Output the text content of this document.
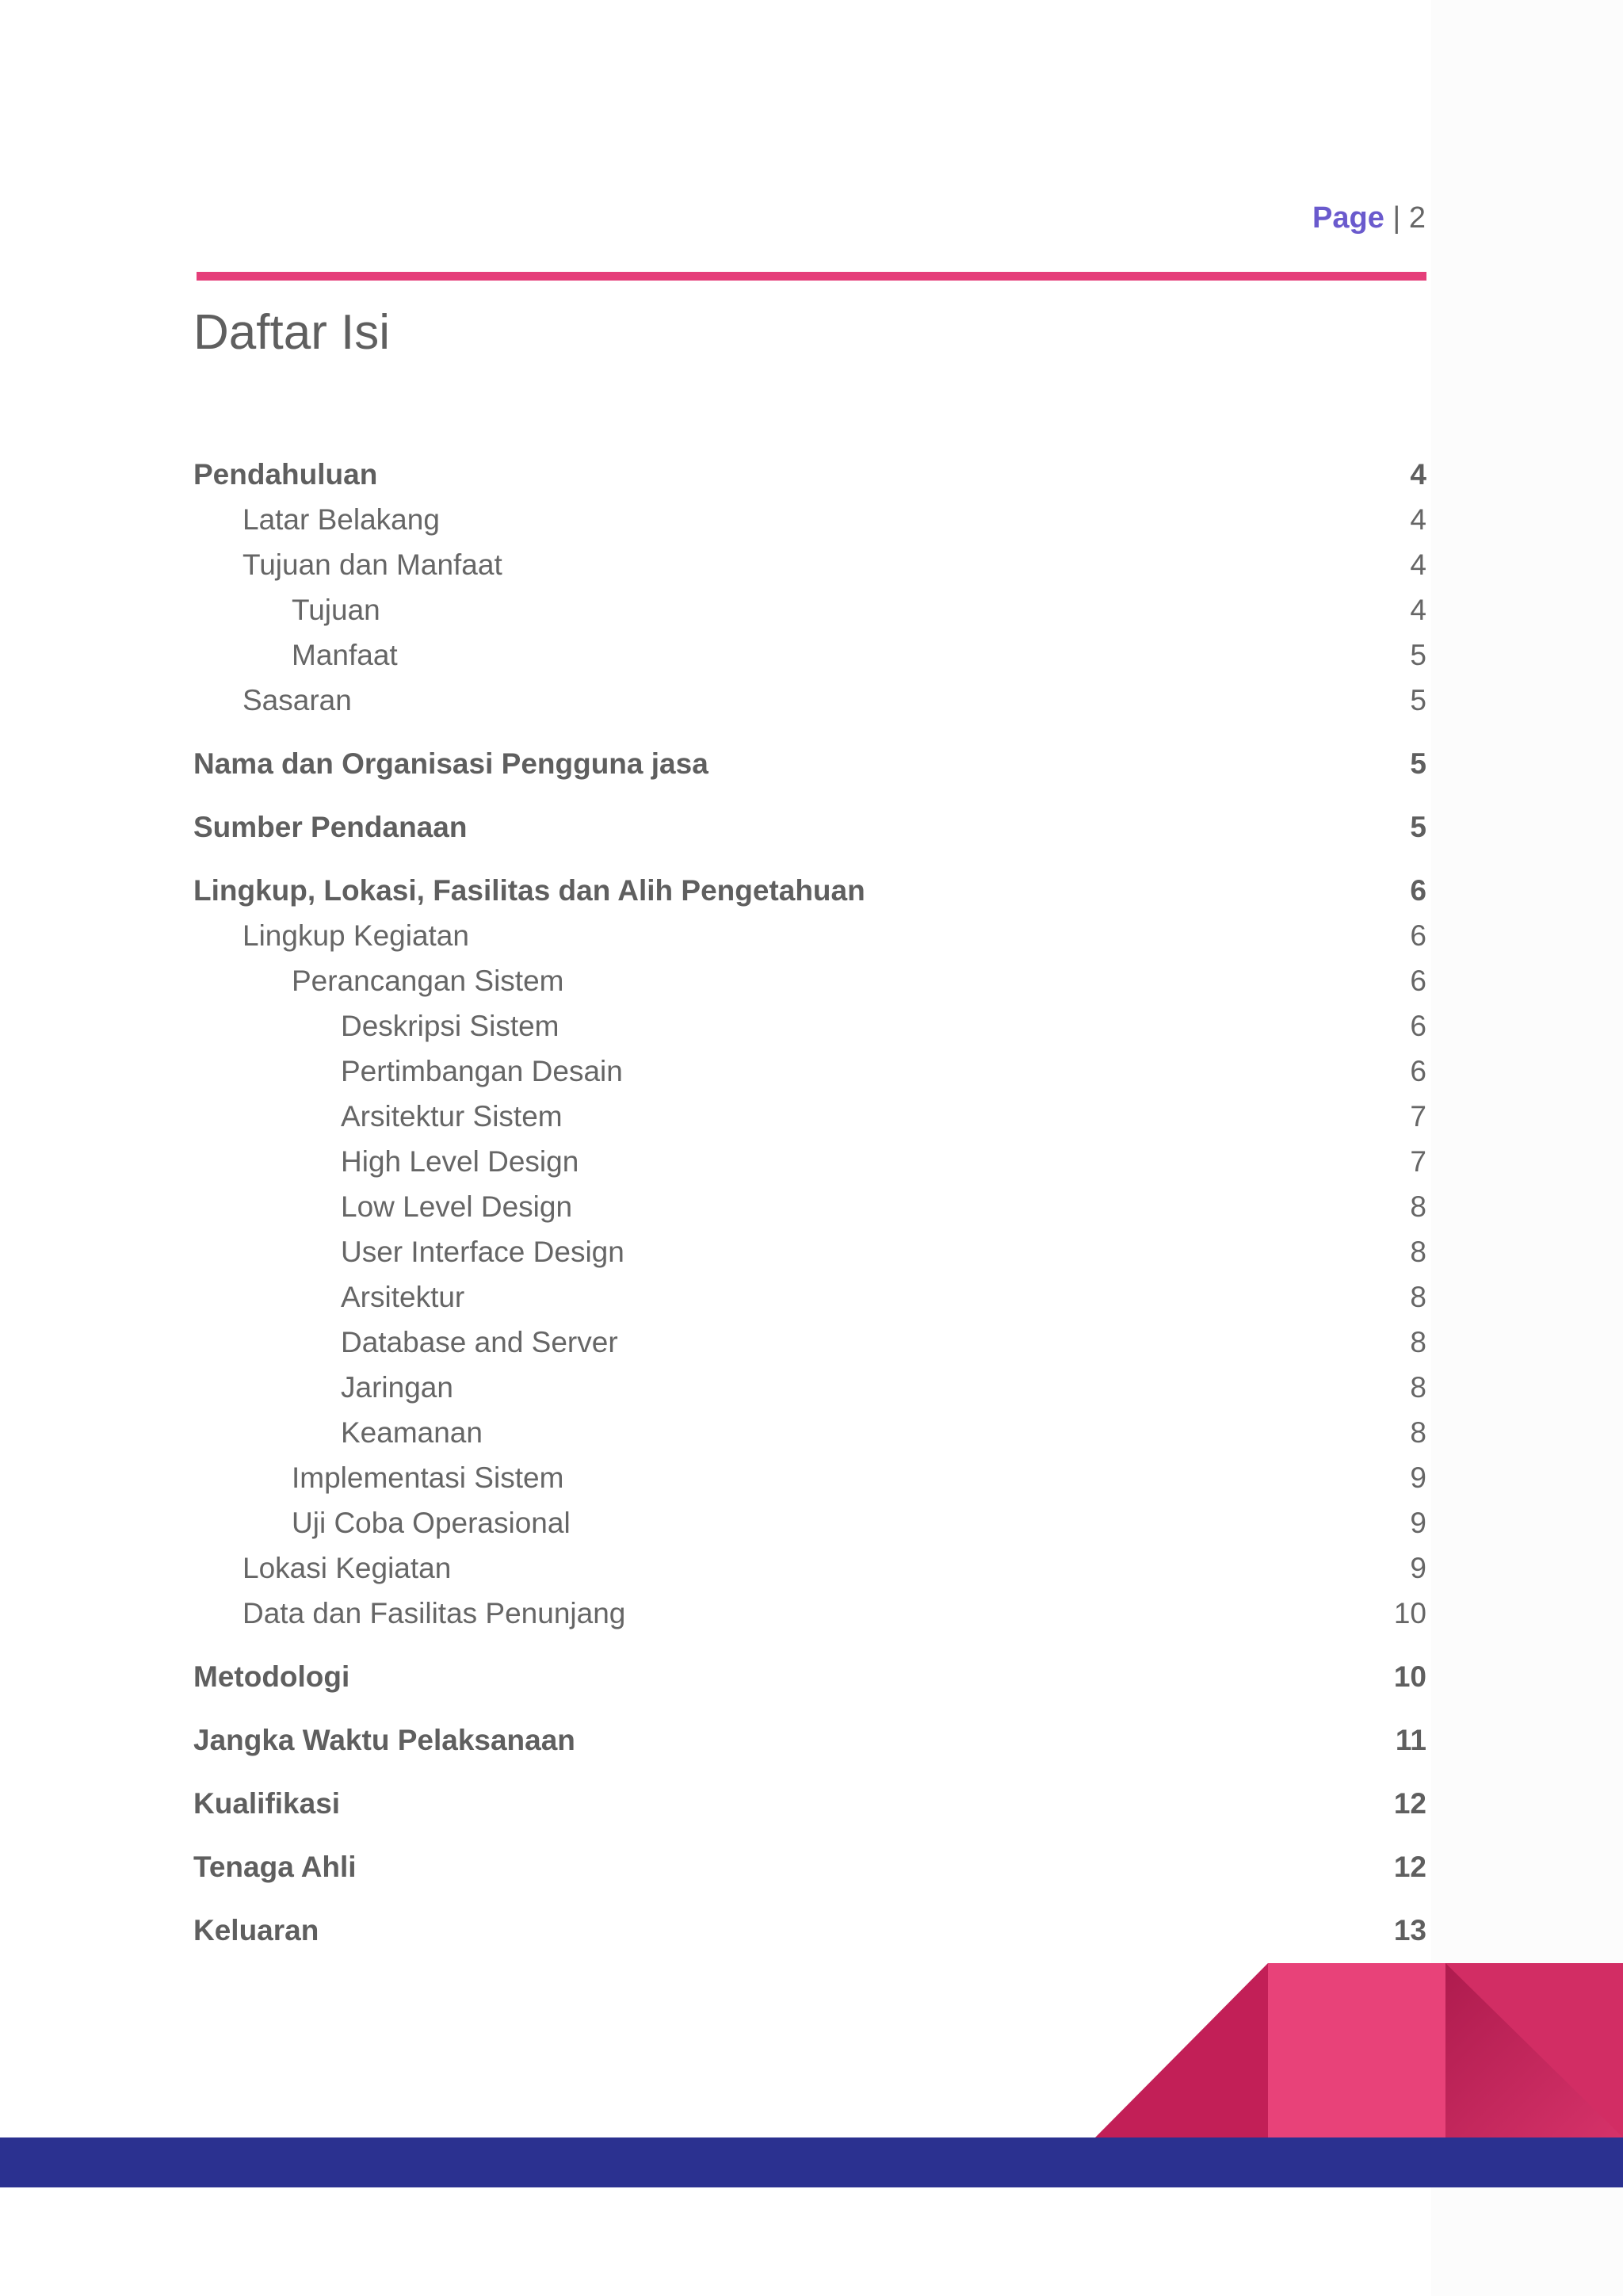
Page | 2
Daftar Isi
Pendahuluan	4
Latar Belakang	4
Tujuan dan Manfaat	4
Tujuan	4
Manfaat	5
Sasaran	5
Nama dan Organisasi Pengguna jasa	5
Sumber Pendanaan	5
Lingkup, Lokasi, Fasilitas dan Alih Pengetahuan	6
Lingkup Kegiatan	6
Perancangan Sistem	6
Deskripsi Sistem	6
Pertimbangan Desain	6
Arsitektur Sistem	7
High Level Design	7
Low Level Design	8
User Interface Design	8
Arsitektur	8
Database and Server	8
Jaringan	8
Keamanan	8
Implementasi Sistem	9
Uji Coba Operasional	9
Lokasi Kegiatan	9
Data dan Fasilitas Penunjang	10
Metodologi	10
Jangka Waktu Pelaksanaan	11
Kualifikasi	12
Tenaga Ahli	12
Keluaran	13
